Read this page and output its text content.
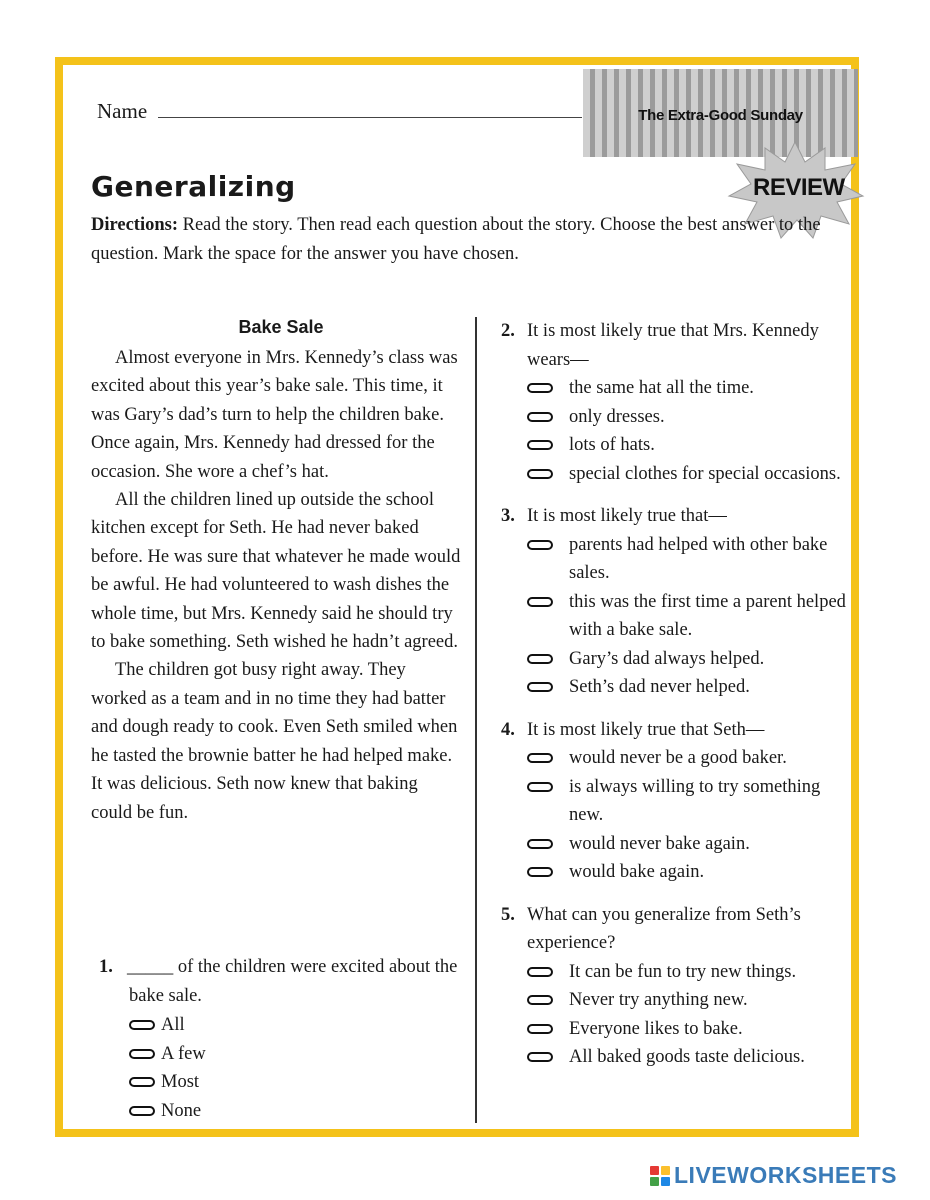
Name	The Extra-Good Sunday
REVIEW
Generalizing
Directions: Read the story. Then read each question about the story. Choose the best answer to the question. Mark the space for the answer you have chosen.
Bake Sale

Almost everyone in Mrs. Kennedy’s class was excited about this year’s bake sale. This time, it was Gary’s dad’s turn to help the children bake. Once again, Mrs. Kennedy had dressed for the occasion. She wore a chef’s hat.

All the children lined up outside the school kitchen except for Seth. He had never baked before. He was sure that whatever he made would be awful. He had volunteered to wash dishes the whole time, but Mrs. Kennedy said he should try to bake something. Seth wished he hadn’t agreed.

The children got busy right away. They worked as a team and in no time they had batter and dough ready to cook. Even Seth smiled when he tasted the brownie batter he had helped make. It was delicious. Seth now knew that baking could be fun.

1. _____ of the children were excited about the bake sale.
All
A few
Most
None
2. It is most likely true that Mrs. Kennedy wears—
the same hat all the time.
only dresses.
lots of hats.
special clothes for special occasions.
3. It is most likely true that—
parents had helped with other bake sales.
this was the first time a parent helped with a bake sale.
Gary’s dad always helped.
Seth’s dad never helped.
4. It is most likely true that Seth—
would never be a good baker.
is always willing to try something new.
would never bake again.
would bake again.
5. What can you generalize from Seth’s experience?
It can be fun to try new things.
Never try anything new.
Everyone likes to bake.
All baked goods taste delicious.
LIVEWORKSHEETS
